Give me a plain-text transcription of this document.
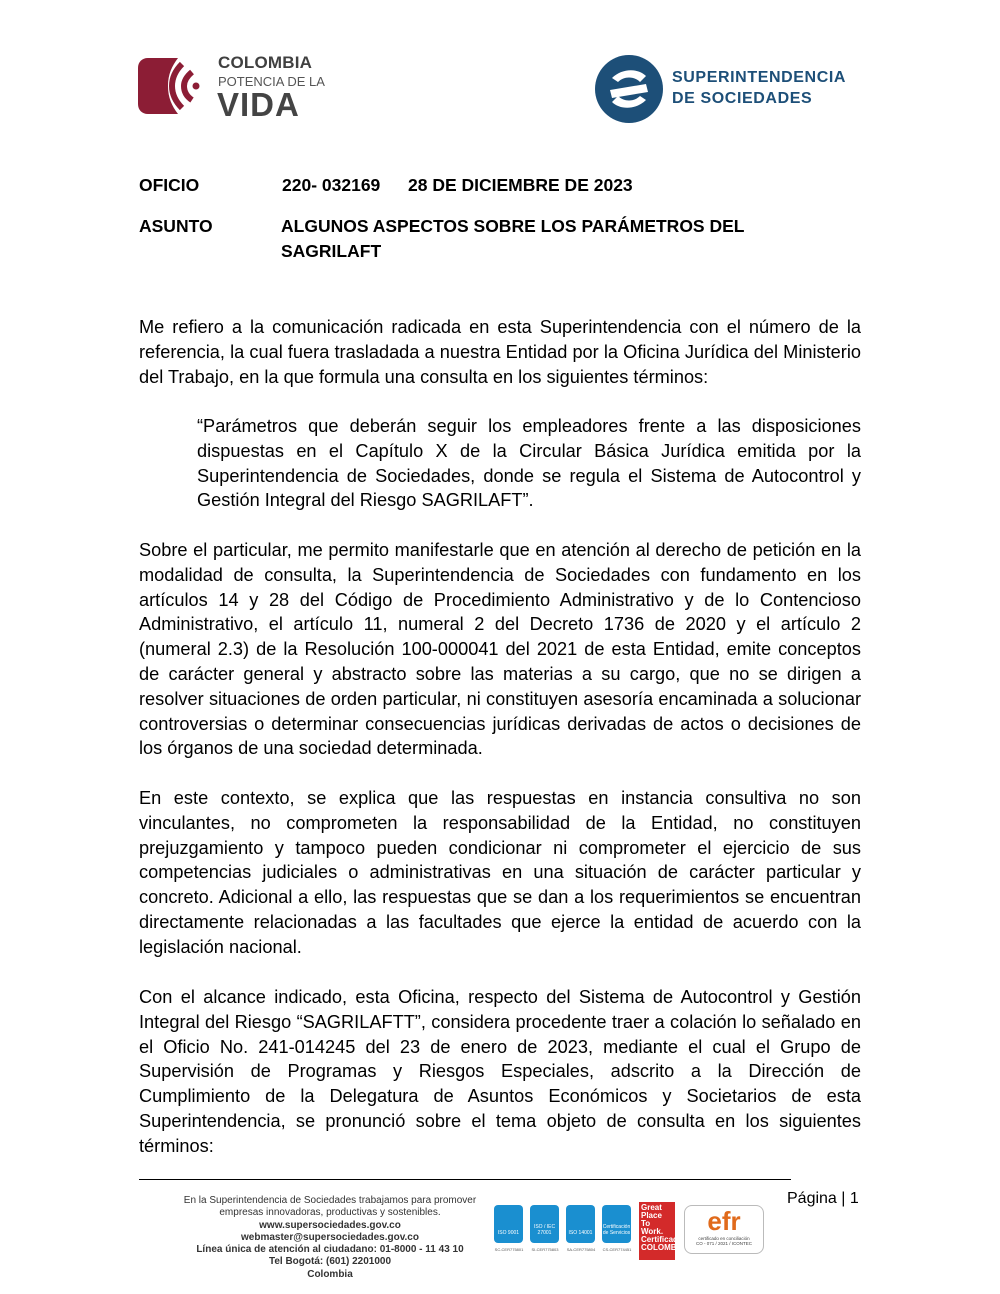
COLOMBIA
POTENCIA DE LA
VIDA
SUPERINTENDENCIA
DE SOCIEDADES
OFICIO	220- 032169 28 DE DICIEMBRE DE 2023
ASUNTO	ALGUNOS ASPECTOS SOBRE LOS PARÁMETROS DEL
SAGRILAFT
Me refiero a la comunicación radicada en esta Superintendencia con el número de la referencia, la cual fuera trasladada a nuestra Entidad por la Oficina Jurídica del Ministerio del Trabajo, en la que formula una consulta en los siguientes términos:
“Parámetros que deberán seguir los empleadores frente a las disposiciones dispuestas en el Capítulo X de la Circular Básica Jurídica emitida por la Superintendencia de Sociedades, donde se regula el Sistema de Autocontrol y Gestión Integral del Riesgo SAGRILAFT”.
Sobre el particular, me permito manifestarle que en atención al derecho de petición en la modalidad de consulta, la Superintendencia de Sociedades con fundamento en los artículos 14 y 28 del Código de Procedimiento Administrativo y de lo Contencioso Administrativo, el artículo 11, numeral 2 del Decreto 1736 de 2020 y el artículo 2 (numeral 2.3) de la Resolución 100-000041 del 2021 de esta Entidad, emite conceptos de carácter general y abstracto sobre las materias a su cargo, que no se dirigen a resolver situaciones de orden particular, ni constituyen asesoría encaminada a solucionar controversias o determinar consecuencias jurídicas derivadas de actos o decisiones de los órganos de una sociedad determinada.
En este contexto, se explica que las respuestas en instancia consultiva no son vinculantes, no comprometen la responsabilidad de la Entidad, no constituyen prejuzgamiento y tampoco pueden condicionar ni comprometer el ejercicio de sus competencias judiciales o administrativas en una situación de carácter particular y concreto. Adicional a ello, las respuestas que se dan a los requerimientos se encuentran directamente relacionadas a las facultades que ejerce la entidad de acuerdo con la legislación nacional.
Con el alcance indicado, esta Oficina, respecto del Sistema de Autocontrol y Gestión Integral del Riesgo “SAGRILAFTT”, considera procedente traer a colación lo señalado en el Oficio No. 241-014245 del 23 de enero de 2023, mediante el cual el Grupo de Supervisión de Programas y Riesgos Especiales, adscrito a la Dirección de Cumplimiento de la Delegatura de Asuntos Económicos y Societarios de esta Superintendencia, se pronunció sobre el tema objeto de consulta en los siguientes términos:
Página | 1
En la Superintendencia de Sociedades trabajamos para promover
empresas innovadoras, productivas y sostenibles.
www.supersociedades.gov.co
webmaster@supersociedades.gov.co
Línea única de atención al ciudadano: 01-8000 - 11 43 10
Tel Bogotá: (601) 2201000
Colombia
ISO 9001
SC-CER775801
ISO / IEC 27001
SI-CER775803
ISO 14001
SA-CER775804
Certificación de Servicios
CS-CER774451
Great Place To Work. Certificado COLOMBIA
efr
certificado en conciliación
CO - 071 / 2021 / ICONTEC
